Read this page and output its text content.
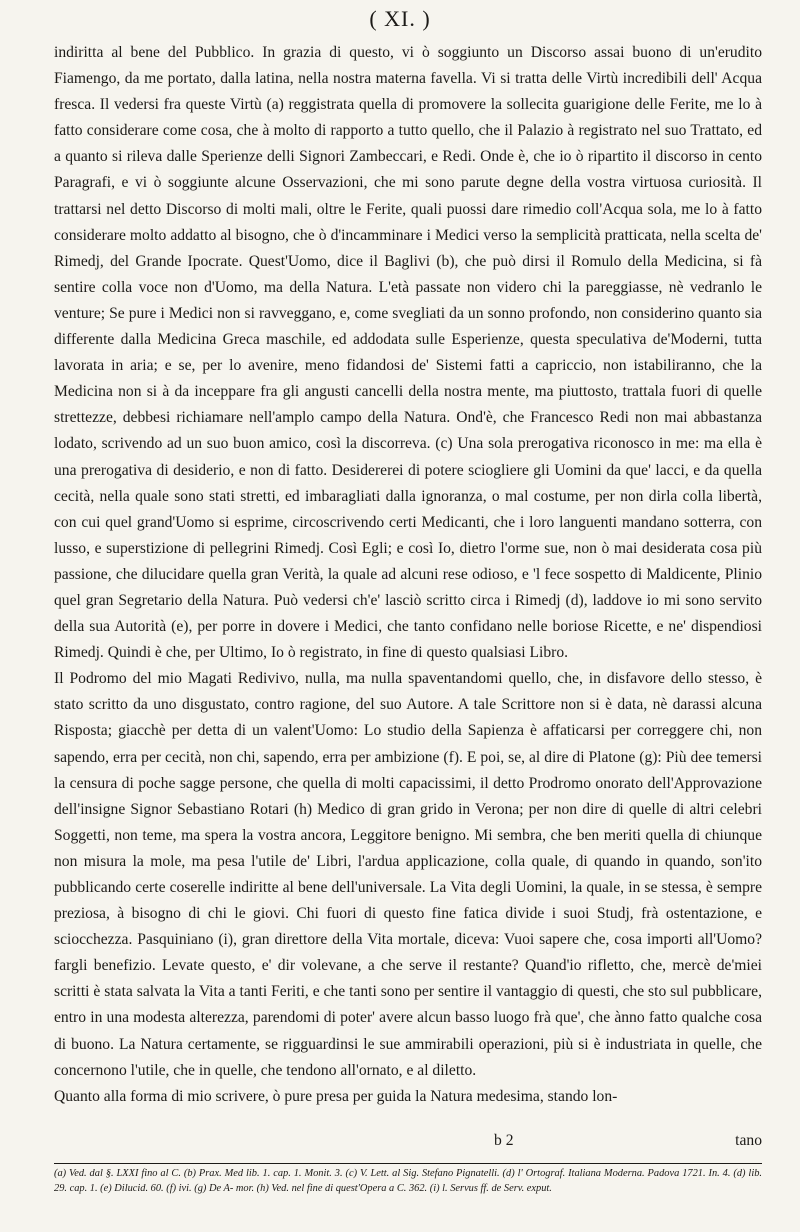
( XI. )

indiritta al bene del Pubblico. In grazia di questo, vi ò soggiunto un Discorso assai buono di un'erudito Fiamengo, da me portato, dalla latina, nella nostra materna favella. Vi si tratta delle Virtù incredibili dell' Acqua fresca. Il vedersi fra queste Virtù (a) reggistrata quella di promovere la sollecita guarigione delle Ferite, me lo à fatto considerare come cosa, che à molto di rapporto a tutto quello, che il Palazio à registrato nel suo Trattato, ed a quanto si rileva dalle Sperienze delli Signori Zambeccari, e Redi. Onde è, che io ò ripartito il discorso in cento Paragrafi, e vi ò soggiunte alcune Osservazioni, che mi sono parute degne della vostra virtuosa curiosità. Il trattarsi nel detto Discorso di molti mali, oltre le Ferite, quali puossi dare rimedio coll'Acqua sola, me lo à fatto considerare molto addatto al bisogno, che ò d'incamminare i Medici verso la semplicità pratticata, nella scelta de' Rimedj, del Grande Ipocrate. Quest'Uomo, dice il Baglivi (b), che può dirsi il Romulo della Medicina, si fà sentire colla voce non d'Uomo, ma della Natura. L'età passate non videro chi la pareggiasse, nè vedranlo le venture; Se pure i Medici non si ravveggano, e, come svegliati da un sonno profondo, non considerino quanto sia differente dalla Medicina Greca maschile, ed addodata sulle Esperienze, questa speculativa de'Moderni, tutta lavorata in aria; e se, per lo avenire, meno fidandosi de' Sistemi fatti a capriccio, non istabiliranno, che la Medicina non si à da inceppare fra gli angusti cancelli della nostra mente, ma piuttosto, trattala fuori di quelle strettezze, debbesi richiamare nell'amplo campo della Natura. Ond'è, che Francesco Redi non mai abbastanza lodato, scrivendo ad un suo buon amico, così la discorreva. (c) Una sola prerogativa riconosco in me: ma ella è una prerogativa di desiderio, e non di fatto. Desidererei di potere sciogliere gli Uomini da que' lacci, e da quella cecità, nella quale sono stati stretti, ed imbaragliati dalla ignoranza, o mal costume, per non dirla colla libertà, con cui quel grand'Uomo si esprime, circoscrivendo certi Medicanti, che i loro languenti mandano sotterra, con lusso, e superstizione di pellegrini Rimedj. Così Egli; e così Io, dietro l'orme sue, non ò mai desiderata cosa più passione, che dilucidare quella gran Verità, la quale ad alcuni rese odioso, e 'l fece sospetto di Maldicente, Plinio quel gran Segretario della Natura. Può vedersi ch'e' lasciò scritto circa i Rimedj (d), laddove io mi sono servito della sua Autorità (e), per porre in dovere i Medici, che tanto confidano nelle boriose Ricette, e ne' dispendiosi Rimedj. Quindi è che, per Ultimo, Io ò registrato, in fine di questo qualsiasi Libro.

Il Podromo del mio Magati Redivivo, nulla, ma nulla spaventandomi quello, che, in disfavore dello stesso, è stato scritto da uno disgustato, contro ragione, del suo Autore. A tale Scrittore non si è data, nè darassi alcuna Risposta; giacchè per detta di un valent'Uomo: Lo studio della Sapienza è affaticarsi per correggere chi, non sapendo, erra per cecità, non chi, sapendo, erra per ambizione (f). E poi, se, al dire di Platone (g): Più dee temersi la censura di poche sagge persone, che quella di molti capacissimi, il detto Prodromo onorato dell'Approvazione dell'insigne Signor Sebastiano Rotari (h) Medico di gran grido in Verona; per non dire di quelle di altri celebri Soggetti, non teme, ma spera la vostra ancora, Leggitore benigno. Mi sembra, che ben meriti quella di chiunque non misura la mole, ma pesa l'utile de' Libri, l'ardua applicazione, colla quale, di quando in quando, son'ito pubblicando certe coserelle indiritte al bene dell'universale. La Vita degli Uomini, la quale, in se stessa, è sempre preziosa, à bisogno di chi le giovi. Chi fuori di questo fine fatica divide i suoi Studj, frà ostentazione, e sciocchezza. Pasquiniano (i), gran direttore della Vita mortale, diceva: Vuoi sapere che, cosa importi all'Uomo? fargli benefizio. Levate questo, e' dir volevane, a che serve il restante? Quand'io rifletto, che, mercè de'miei scritti è stata salvata la Vita a tanti Feriti, e che tanti sono per sentire il vantaggio di questi, che sto sul pubblicare, entro in una modesta alterezza, parendomi di poter' avere alcun basso luogo frà que', che ànno fatto qualche cosa di buono. La Natura certamente, se rigguardinsi le sue ammirabili operazioni, più si è industriata in quelle, che concernono l'utile, che in quelle, che tendono all'ornato, e al diletto.

Quanto alla forma di mio scrivere, ò pure presa per guida la Natura medesima, stando lon-

b 2	tano
(a) Ved. dal §. LXXI fino al C. (b) Prax. Med lib. 1. cap. 1. Monit. 3. (c) V. Lett. al Sig. Stefano Pignatelli. (d) l' Ortograf. Italiana Moderna. Padova 1721. In. 4. (d) lib. 29. cap. 1. (e) Dilucid. 60. (f) ivi. (g) De A- mor. (h) Ved. nel fine di quest'Opera a C. 362. (i) l. Servus ff. de Serv. exput.
